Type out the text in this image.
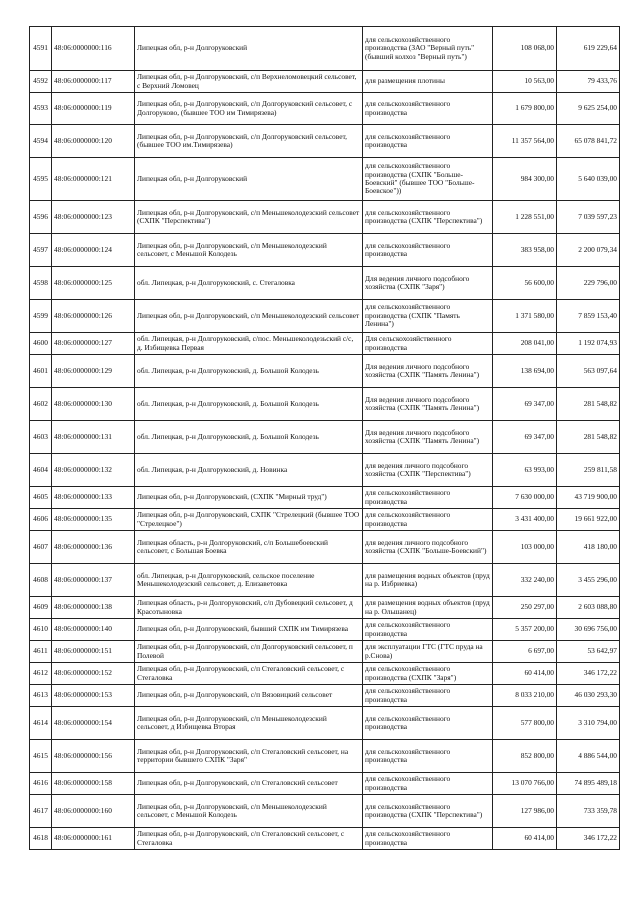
4591	48:06:0000000:116	Липецкая обл, р-н Долгоруковский	для сельскохозяйственного производства (ЗАО "Верный путь" (бывший колхоз "Верный путь")	108 068,00	619 229,64
4592	48:06:0000000:117	Липецкая обл, р-н Долгоруковский, с/п Верхнеломовецкий сельсовет, с Верхний Ломовец	для размещения плотины	10 563,00	79 433,76
4593	48:06:0000000:119	Липецкая обл, р-н Долгоруковский, с/п Долгоруковский сельсовет, с Долгоруково, (бывшее ТОО им Тимирязева)	для сельскохозяйственного производства	1 679 800,00	9 625 254,00
4594	48:06:0000000:120	Липецкая обл, р-н Долгоруковский, с/п Долгоруковский сельсовет, (бывшее ТОО им.Тимирязева)	для сельскохозяйственного производства	11 357 564,00	65 078 841,72
4595	48:06:0000000:121	Липецкая обл, р-н Долгоруковский	для сельскохозяйственного производства (СХПК "Больше-Боевский" (бывшее ТОО "Больше-Боевское"))	984 300,00	5 640 039,00
4596	48:06:0000000:123	Липецкая обл, р-н Долгоруковский, с/п Меньшеколодезский сельсовет (СХПК "Перспектива")	для сельскохозяйственного производства (СХПК "Перспектива")	1 228 551,00	7 039 597,23
4597	48:06:0000000:124	Липецкая обл, р-н Долгоруковский, с/п Меньшеколодезский сельсовет, с Меньшой Колодезь	для сельскохозяйственного производства	383 958,00	2 200 079,34
4598	48:06:0000000:125	обл. Липецкая, р-н Долгоруковский, с. Стегаловка	Для ведения личного подсобного хозяйства (СХПК "Заря")	56 600,00	229 796,00
4599	48:06:0000000:126	Липецкая обл, р-н Долгоруковский, с/п Меньшеколодезский сельсовет	для сельскохозяйственного производства (СХПК "Память Ленина")	1 371 580,00	7 859 153,40
4600	48:06:0000000:127	обл. Липецкая, р-н Долгоруковский, с/пос. Меньшеколодезьский с/с, д. Избищевка Первая	Для сельскохозяйственного производства	208 041,00	1 192 074,93
4601	48:06:0000000:129	обл. Липецкая, р-н Долгоруковский, д. Большой Колодезь	Для ведения личного подсобного хозяйства (СХПК "Память Ленина")	138 694,00	563 097,64
4602	48:06:0000000:130	обл. Липецкая, р-н Долгоруковский, д. Большой Колодезь	Для ведения личного подсобного хозяйства (СХПК "Память Ленина")	69 347,00	281 548,82
4603	48:06:0000000:131	обл. Липецкая, р-н Долгоруковский, д. Большой Колодезь	Для ведения личного подсобного хозяйства (СХПК "Память Ленина")	69 347,00	281 548,82
4604	48:06:0000000:132	обл. Липецкая, р-н Долгоруковский, д. Новинка	для ведения личного подсобного хозяйства (СХПК "Перспектива")	63 993,00	259 811,58
4605	48:06:0000000:133	Липецкая обл, р-н Долгоруковский, (СХПК "Мирный труд")	для сельскохозяйственного производства	7 630 000,00	43 719 900,00
4606	48:06:0000000:135	Липецкая обл, р-н Долгоруковский, СХПК "Стрелецкий (бывшее ТОО "Стрелецкое")	для сельскохозяйственного производства	3 431 400,00	19 661 922,00
4607	48:06:0000000:136	Липецкая область, р-н Долгоруковский, с/п Большебоевский сельсовет, с Большая Боевка	для ведения личного подсобного хозяйства (СХПК "Больше-Боевский")	103 000,00	418 180,00
4608	48:06:0000000:137	обл. Липецкая, р-н Долгоруковский, сельское поселение Меньшеколодезский сельсовет, д. Елизаветовка	для размещения водных объектов (пруд на р. Избриевка)	332 240,00	3 455 296,00
4609	48:06:0000000:138	Липецкая область, р-н Долгоруковский, с/п Дубовецкий сельсовет, д Красотыновка	для размещения водных объектов (пруд на р. Ольшанец)	250 297,00	2 603 088,80
4610	48:06:0000000:140	Липецкая обл, р-н Долгоруковский, бывший СХПК им Тимирязева	для сельскохозяйственного производства	5 357 200,00	30 696 756,00
4611	48:06:0000000:151	Липецкая обл, р-н Долгоруковский, с/п Долгоруковский сельсовет, п Полевой	для эксплуатации ГТС (ГТС пруда на р.Снова)	6 697,00	53 642,97
4612	48:06:0000000:152	Липецкая обл, р-н Долгоруковский, с/п Стегаловский сельсовет, с Стегаловка	для сельскохозяйственного производства (СХПК "Заря")	60 414,00	346 172,22
4613	48:06:0000000:153	Липецкая обл, р-н Долгоруковский, с/п Вязовицкий сельсовет	для сельскохозяйственного производства	8 033 210,00	46 030 293,30
4614	48:06:0000000:154	Липецкая обл, р-н Долгоруковский, с/п Меньшеколодезский сельсовет, д Избищевка Вторая	для сельскохозяйственного производства	577 800,00	3 310 794,00
4615	48:06:0000000:156	Липецкая обл, р-н Долгоруковский, с/п Стегаловский сельсовет, на территории бывшего СХПК "Заря"	для сельскохозяйственного производства	852 800,00	4 886 544,00
4616	48:06:0000000:158	Липецкая обл, р-н Долгоруковский, с/п Стегаловский сельсовет	для сельскохозяйственного производства	13 070 766,00	74 895 489,18
4617	48:06:0000000:160	Липецкая обл, р-н Долгоруковский, с/п Меньшеколодезский сельсовет, с Меньшой Колодезь	для сельскохозяйственного производства (СХПК "Перспектива")	127 986,00	733 359,78
4618	48:06:0000000:161	Липецкая обл, р-н Долгоруковский, с/п Стегаловский сельсовет, с Стегаловка	для сельскохозяйственного производства	60 414,00	346 172,22
